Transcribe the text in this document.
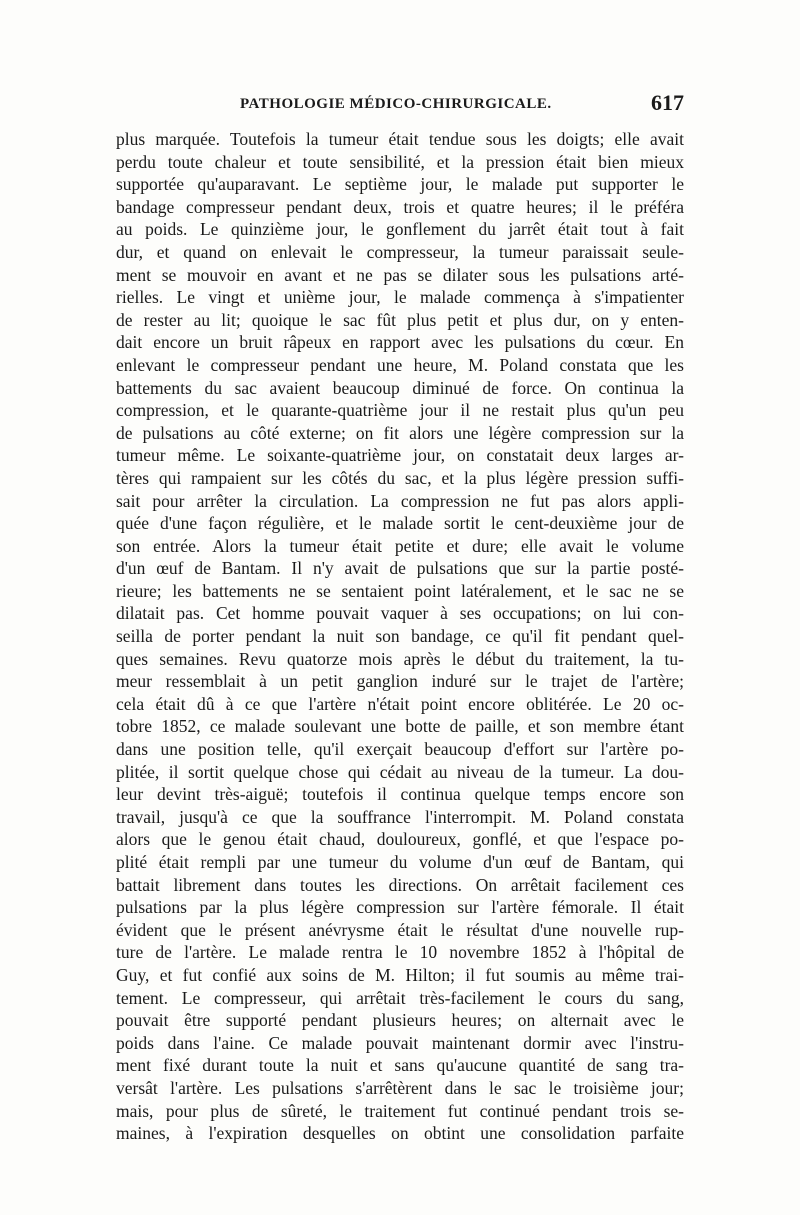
PATHOLOGIE MÉDICO-CHIRURGICALE.	617
plus marquée. Toutefois la tumeur était tendue sous les doigts; elle avait
perdu toute chaleur et toute sensibilité, et la pression était bien mieux
supportée qu'auparavant. Le septième jour, le malade put supporter le
bandage compresseur pendant deux, trois et quatre heures; il le préféra
au poids. Le quinzième jour, le gonflement du jarrêt était tout à fait
dur, et quand on enlevait le compresseur, la tumeur paraissait seule-
ment se mouvoir en avant et ne pas se dilater sous les pulsations arté-
rielles. Le vingt et unième jour, le malade commença à s'impatienter
de rester au lit; quoique le sac fût plus petit et plus dur, on y enten-
dait encore un bruit râpeux en rapport avec les pulsations du cœur. En
enlevant le compresseur pendant une heure, M. Poland constata que les
battements du sac avaient beaucoup diminué de force. On continua la
compression, et le quarante-quatrième jour il ne restait plus qu'un peu
de pulsations au côté externe; on fit alors une légère compression sur la
tumeur même. Le soixante-quatrième jour, on constatait deux larges ar-
tères qui rampaient sur les côtés du sac, et la plus légère pression suffi-
sait pour arrêter la circulation. La compression ne fut pas alors appli-
quée d'une façon régulière, et le malade sortit le cent-deuxième jour de
son entrée. Alors la tumeur était petite et dure; elle avait le volume
d'un œuf de Bantam. Il n'y avait de pulsations que sur la partie posté-
rieure; les battements ne se sentaient point latéralement, et le sac ne se
dilatait pas. Cet homme pouvait vaquer à ses occupations; on lui con-
seilla de porter pendant la nuit son bandage, ce qu'il fit pendant quel-
ques semaines. Revu quatorze mois après le début du traitement, la tu-
meur ressemblait à un petit ganglion induré sur le trajet de l'artère;
cela était dû à ce que l'artère n'était point encore oblitérée. Le 20 oc-
tobre 1852, ce malade soulevant une botte de paille, et son membre étant
dans une position telle, qu'il exerçait beaucoup d'effort sur l'artère po-
plitée, il sortit quelque chose qui cédait au niveau de la tumeur. La dou-
leur devint très-aiguë; toutefois il continua quelque temps encore son
travail, jusqu'à ce que la souffrance l'interrompit. M. Poland constata
alors que le genou était chaud, douloureux, gonflé, et que l'espace po-
plité était rempli par une tumeur du volume d'un œuf de Bantam, qui
battait librement dans toutes les directions. On arrêtait facilement ces
pulsations par la plus légère compression sur l'artère fémorale. Il était
évident que le présent anévrysme était le résultat d'une nouvelle rup-
ture de l'artère. Le malade rentra le 10 novembre 1852 à l'hôpital de
Guy, et fut confié aux soins de M. Hilton; il fut soumis au même trai-
tement. Le compresseur, qui arrêtait très-facilement le cours du sang,
pouvait être supporté pendant plusieurs heures; on alternait avec le
poids dans l'aine. Ce malade pouvait maintenant dormir avec l'instru-
ment fixé durant toute la nuit et sans qu'aucune quantité de sang tra-
versât l'artère. Les pulsations s'arrêtèrent dans le sac le troisième jour;
mais, pour plus de sûreté, le traitement fut continué pendant trois se-
maines, à l'expiration desquelles on obtint une consolidation parfaite
